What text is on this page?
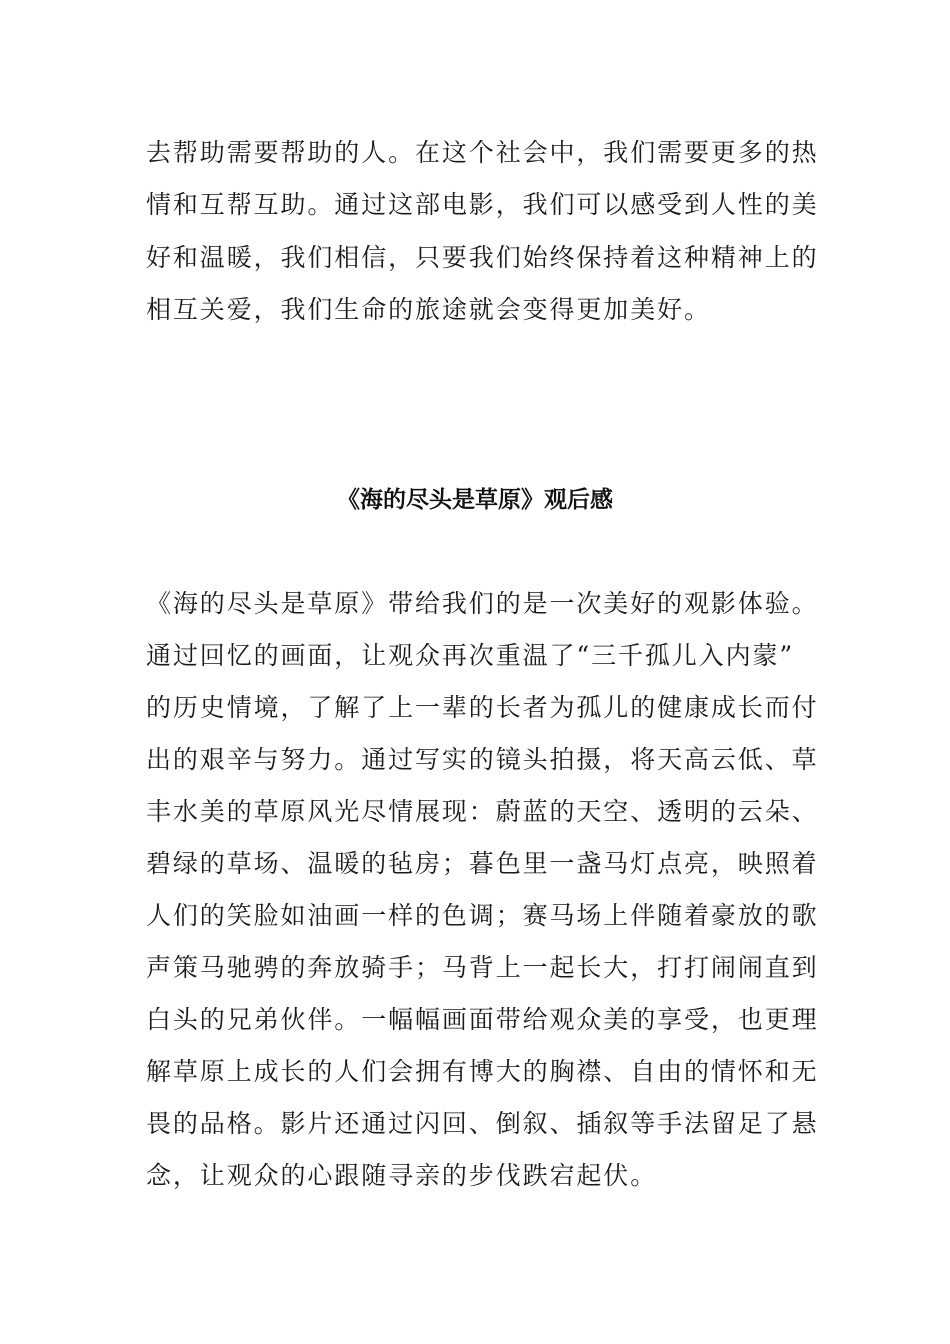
去帮助需要帮助的人。在这个社会中，我们需要更多的热
情和互帮互助。通过这部电影，我们可以感受到人性的美
好和温暖，我们相信，只要我们始终保持着这种精神上的
相互关爱，我们生命的旅途就会变得更加美好。
《海的尽头是草原》观后感
《海的尽头是草原》带给我们的是一次美好的观影体验。
通过回忆的画面，让观众再次重温了“三千孤儿入内蒙”
的历史情境，了解了上一辈的长者为孤儿的健康成长而付
出的艰辛与努力。通过写实的镜头拍摄，将天高云低、草
丰水美的草原风光尽情展现：蔚蓝的天空、透明的云朵、
碧绿的草场、温暖的毡房；暮色里一盏马灯点亮，映照着
人们的笑脸如油画一样的色调；赛马场上伴随着豪放的歌
声策马驰骋的奔放骑手；马背上一起长大，打打闹闹直到
白头的兄弟伙伴。一幅幅画面带给观众美的享受，也更理
解草原上成长的人们会拥有博大的胸襟、自由的情怀和无
畏的品格。影片还通过闪回、倒叙、插叙等手法留足了悬
念，让观众的心跟随寻亲的步伐跌宕起伏。
